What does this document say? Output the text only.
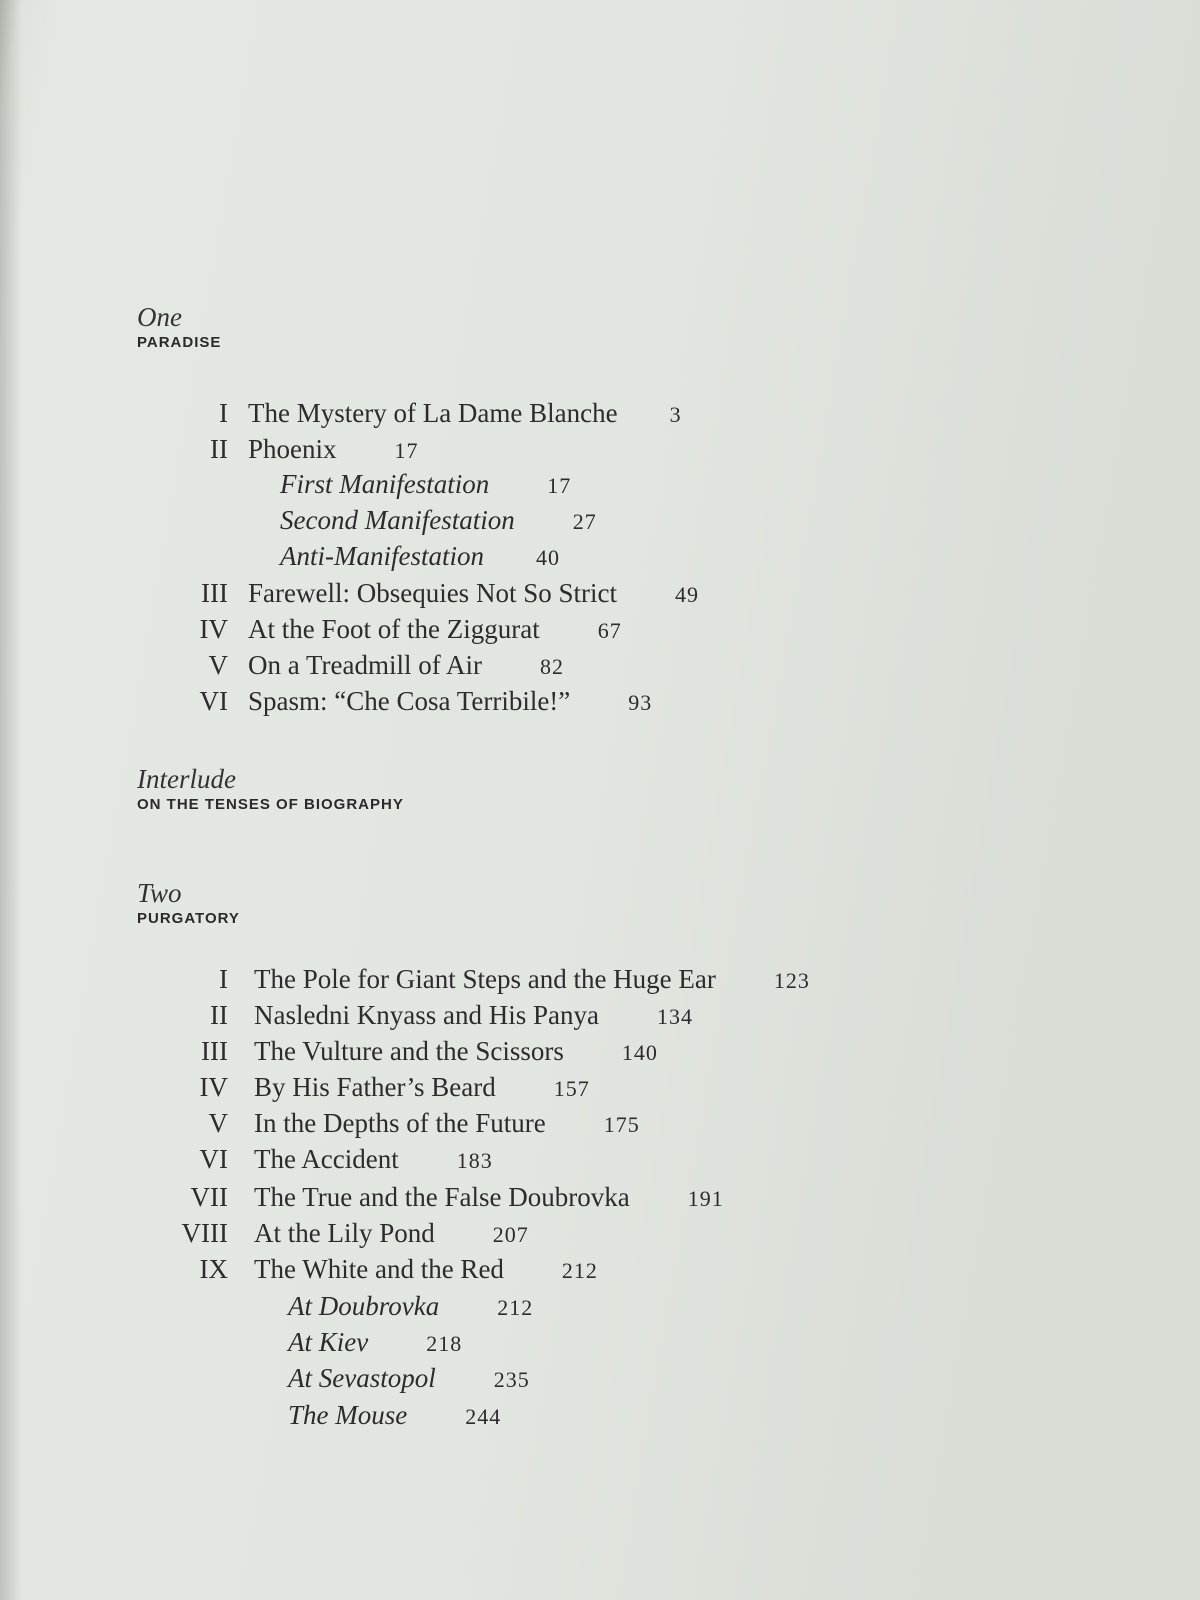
One
PARADISE
I The Mystery of La Dame Blanche 3
II Phoenix	17
First Manifestation	17
Second Manifestation	27
Anti-Manifestation 40
III Farewell: Obsequies Not So Strict	49
IV At the Foot of the Ziggurat	67
V On a Treadmill of Air	82
VI Spasm: “Che Cosa Terribile!”	93
Interlude
ON THE TENSES OF BIOGRAPHY
Two
PURGATORY
I The Pole for Giant Steps and the Huge Ear	123
II Nasledni Knyass and His Panya	134
III The Vulture and the Scissors	140
IV By His Father’s Beard	157
V In the Depths of the Future	175
VI The Accident	183
VII The True and the False Doubrovka	191
VIII At the Lily Pond	207
IX The White and the Red	212
At Doubrovka	212
At Kiev	218
At Sevastopol	235
The Mouse	244
